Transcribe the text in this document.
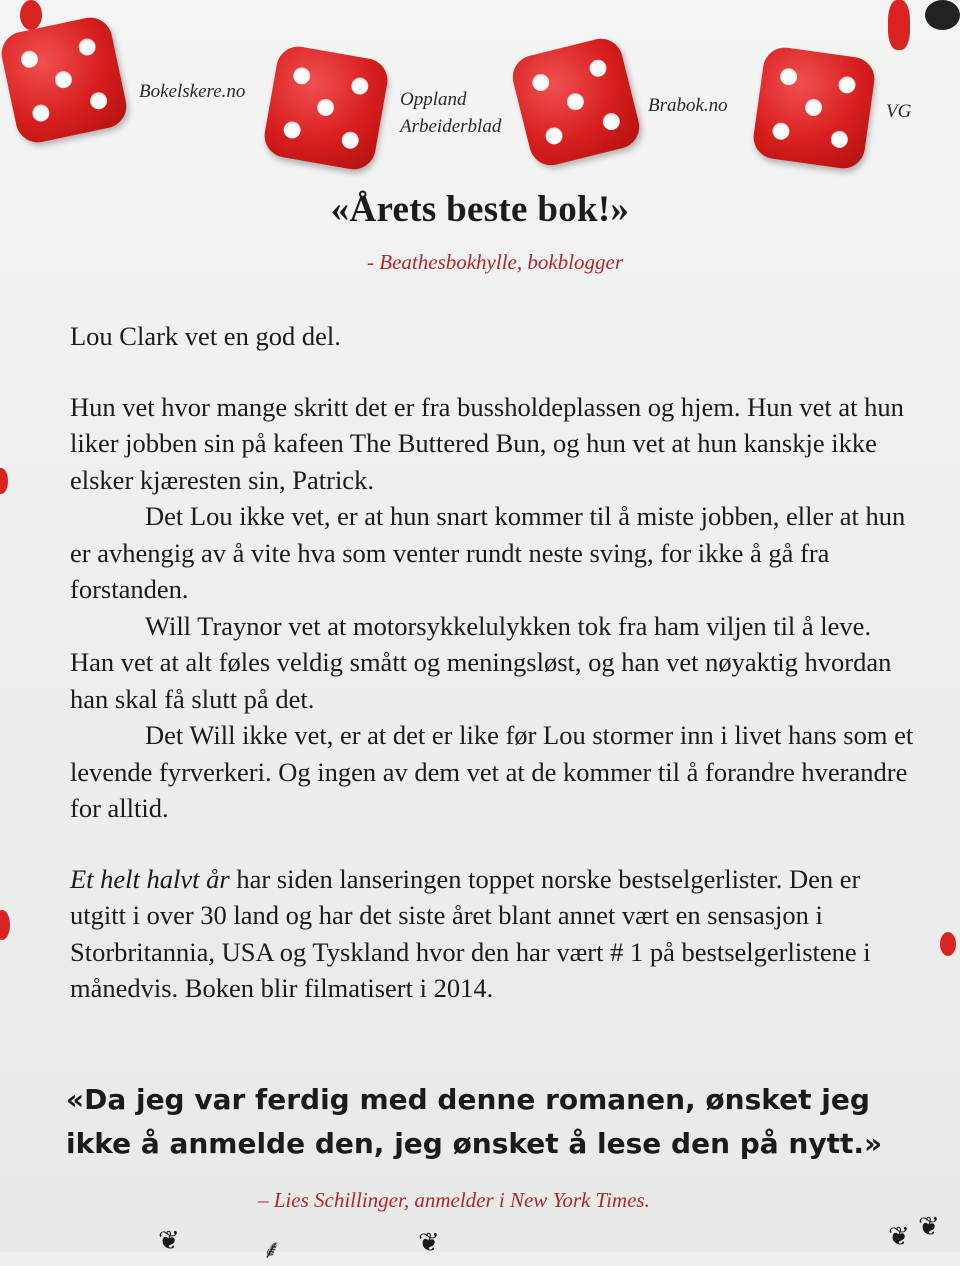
Bokelskere.no	Oppland
Arbeiderblad
Brabok.no	VG
«Årets beste bok!»
- Beathesbokhylle, bokblogger

Lou Clark vet en god del.

Hun vet hvor mange skritt det er fra bussholdeplassen og hjem. Hun vet at hun liker jobben sin på kafeen The Buttered Bun, og hun vet at hun kanskje ikke elsker kjæresten sin, Patrick.

Det Lou ikke vet, er at hun snart kommer til å miste jobben, eller at hun er avhengig av å vite hva som venter rundt neste sving, for ikke å gå fra forstanden.

Will Traynor vet at motorsykkelulykken tok fra ham viljen til å leve. Han vet at alt føles veldig smått og meningsløst, og han vet nøyaktig hvordan han skal få slutt på det.

Det Will ikke vet, er at det er like før Lou stormer inn i livet hans som et levende fyrverkeri. Og ingen av dem vet at de kommer til å forandre hverandre for alltid.

Et helt halvt år har siden lanseringen toppet norske bestselgerlister. Den er utgitt i over 30 land og har det siste året blant annet vært en sensasjon i Storbritannia, USA og Tyskland hvor den har vært # 1 på bestselgerlistene i månedvis. Boken blir filmatisert i 2014.

«Da jeg var ferdig med denne romanen, ønsket jeg ikke å anmelde den, jeg ønsket å lese den på nytt.»
– Lies Schillinger, anmelder i New York Times.
❦	⸙	❦	❦ ❦
